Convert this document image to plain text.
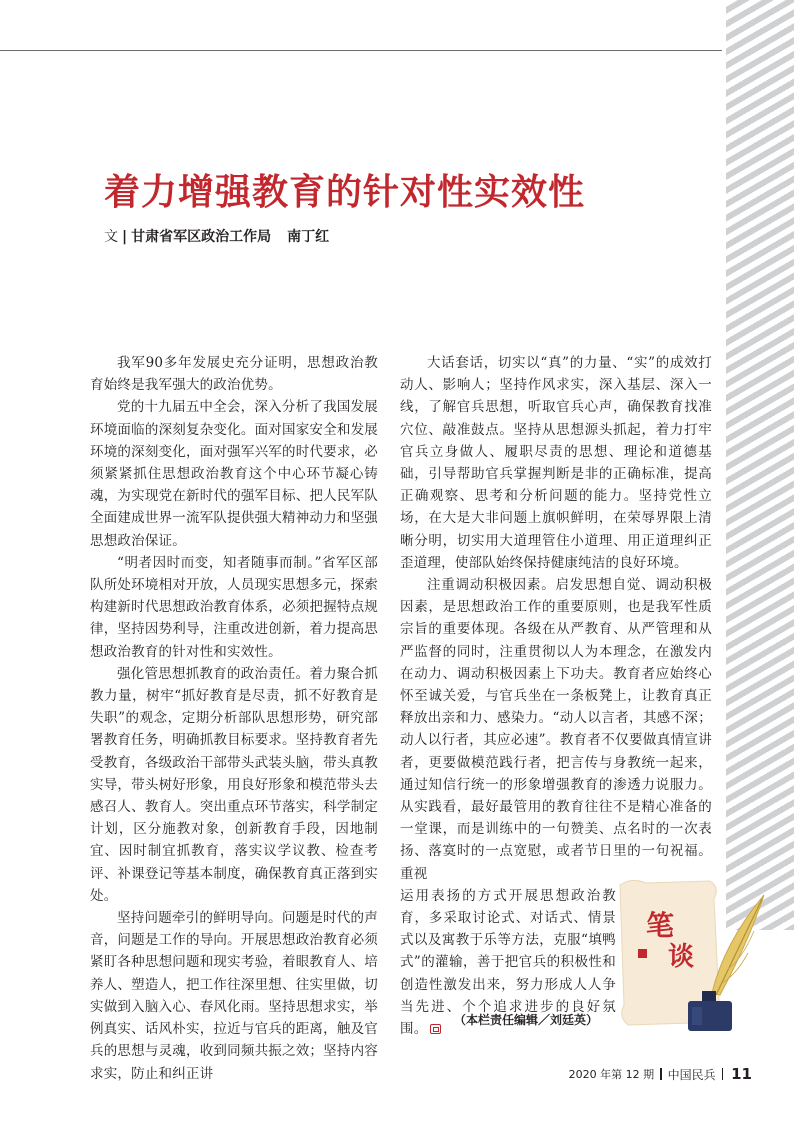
着力增强教育的针对性实效性
文 | 甘肃省军区政治工作局 南丁红

我军90多年发展史充分证明，思想政治教育始终是我军强大的政治优势。

党的十九届五中全会，深入分析了我国发展环境面临的深刻复杂变化。面对国家安全和发展环境的深刻变化，面对强军兴军的时代要求，必须紧紧抓住思想政治教育这个中心环节凝心铸魂，为实现党在新时代的强军目标、把人民军队全面建成世界一流军队提供强大精神动力和坚强思想政治保证。

“明者因时而变，知者随事而制。”省军区部队所处环境相对开放，人员现实思想多元，探索构建新时代思想政治教育体系，必须把握特点规律，坚持因势利导，注重改进创新，着力提高思想政治教育的针对性和实效性。

强化管思想抓教育的政治责任。着力聚合抓教力量，树牢“抓好教育是尽责，抓不好教育是失职”的观念，定期分析部队思想形势，研究部署教育任务，明确抓教目标要求。坚持教育者先受教育，各级政治干部带头武装头脑，带头真教实导，带头树好形象，用良好形象和模范带头去感召人、教育人。突出重点环节落实，科学制定计划，区分施教对象，创新教育手段，因地制宜、因时制宜抓教育，落实议学议教、检查考评、补课登记等基本制度，确保教育真正落到实处。

坚持问题牵引的鲜明导向。问题是时代的声音，问题是工作的导向。开展思想政治教育必须紧盯各种思想问题和现实考验，着眼教育人、培养人、塑造人，把工作往深里想、往实里做，切实做到入脑入心、春风化雨。坚持思想求实，举例真实、话风朴实，拉近与官兵的距离，触及官兵的思想与灵魂，收到同频共振之效；坚持内容求实，防止和纠正讲

大话套话，切实以“真”的力量、“实”的成效打动人、影响人；坚持作风求实，深入基层、深入一线，了解官兵思想，听取官兵心声，确保教育找准穴位、敲准鼓点。坚持从思想源头抓起，着力打牢官兵立身做人、履职尽责的思想、理论和道德基础，引导帮助官兵掌握判断是非的正确标准，提高正确观察、思考和分析问题的能力。坚持党性立场，在大是大非问题上旗帜鲜明，在荣辱界限上清晰分明，切实用大道理管住小道理、用正道理纠正歪道理，使部队始终保持健康纯洁的良好环境。

注重调动积极因素。启发思想自觉、调动积极因素，是思想政治工作的重要原则，也是我军性质宗旨的重要体现。各级在从严教育、从严管理和从严监督的同时，注重贯彻以人为本理念，在激发内在动力、调动积极因素上下功夫。教育者应始终心怀至诚关爱，与官兵坐在一条板凳上，让教育真正释放出亲和力、感染力。“动人以言者，其感不深；动人以行者，其应必速”。教育者不仅要做真情宣讲者，更要做模范践行者，把言传与身教统一起来，通过知信行统一的形象增强教育的渗透力说服力。从实践看，最好最管用的教育往往不是精心准备的一堂课，而是训练中的一句赞美、点名时的一次表扬、落寞时的一点宽慰，或者节日里的一句祝福。重视

运用表扬的方式开展思想政治教育，多采取讨论式、对话式、情景式以及寓教于乐等方法，克服“填鸭式”的灌输，善于把官兵的积极性和创造性激发出来，努力形成人人争当先进、个个追求进步的良好氛围。

（本栏责任编辑／刘廷英）
笔
谈
2020 年第 12 期 中国民兵 11
